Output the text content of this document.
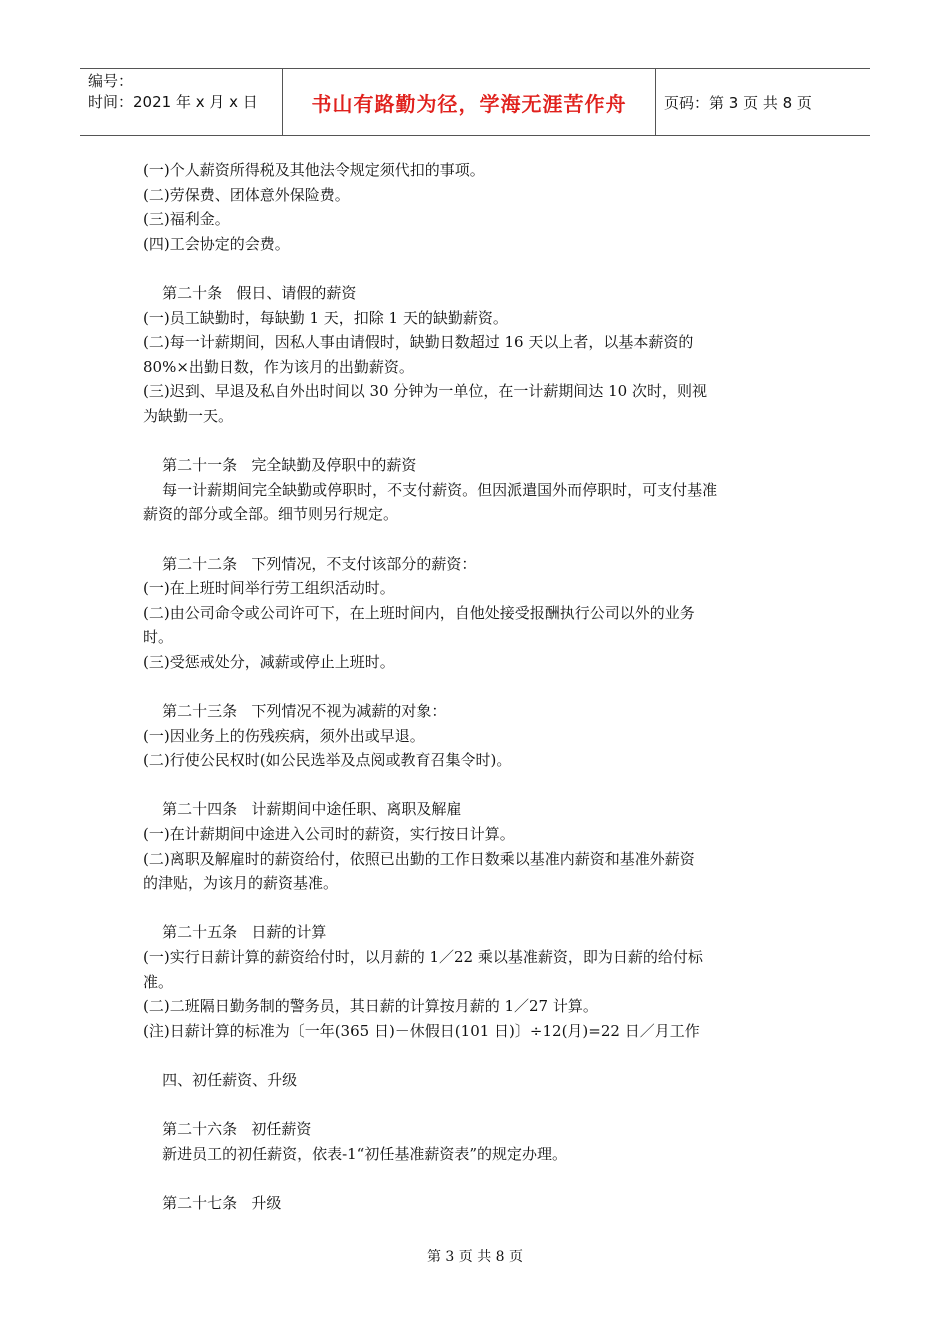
编号：
时间：2021 年 x 月 x 日	书山有路勤为径，学海无涯苦作舟	页码：第 3 页 共 8 页
(一)个人薪资所得税及其他法令规定须代扣的事项。
(二)劳保费、团体意外保险费。
(三)福利金。
(四)工会协定的会费。
第二十条   假日、请假的薪资
(一)员工缺勤时，每缺勤 1 天，扣除 1 天的缺勤薪资。
(二)每一计薪期间，因私人事由请假时，缺勤日数超过 16 天以上者，以基本薪资的
80%×出勤日数，作为该月的出勤薪资。
(三)迟到、早退及私自外出时间以 30 分钟为一单位，在一计薪期间达 10 次时，则视
为缺勤一天。
第二十一条   完全缺勤及停职中的薪资
每一计薪期间完全缺勤或停职时，不支付薪资。但因派遣国外而停职时，可支付基准
薪资的部分或全部。细节则另行规定。
第二十二条   下列情况，不支付该部分的薪资：
(一)在上班时间举行劳工组织活动时。
(二)由公司命令或公司许可下，在上班时间内，自他处接受报酬执行公司以外的业务
时。
(三)受惩戒处分，减薪或停止上班时。
第二十三条   下列情况不视为减薪的对象：
(一)因业务上的伤残疾病，须外出或早退。
(二)行使公民权时(如公民选举及点阅或教育召集令时)。
第二十四条   计薪期间中途任职、离职及解雇
(一)在计薪期间中途进入公司时的薪资，实行按日计算。
(二)离职及解雇时的薪资给付，依照已出勤的工作日数乘以基准内薪资和基准外薪资
的津贴，为该月的薪资基准。
第二十五条   日薪的计算
(一)实行日薪计算的薪资给付时，以月薪的 1／22 乘以基准薪资，即为日薪的给付标
准。
(二)二班隔日勤务制的警务员，其日薪的计算按月薪的 1／27 计算。
(注)日薪计算的标准为〔一年(365 日)－休假日(101 日)〕÷12(月)=22 日／月工作
四、初任薪资、升级
第二十六条   初任薪资
新进员工的初任薪资，依表-1“初任基准薪资表”的规定办理。
第二十七条   升级
第 3 页 共 8 页
